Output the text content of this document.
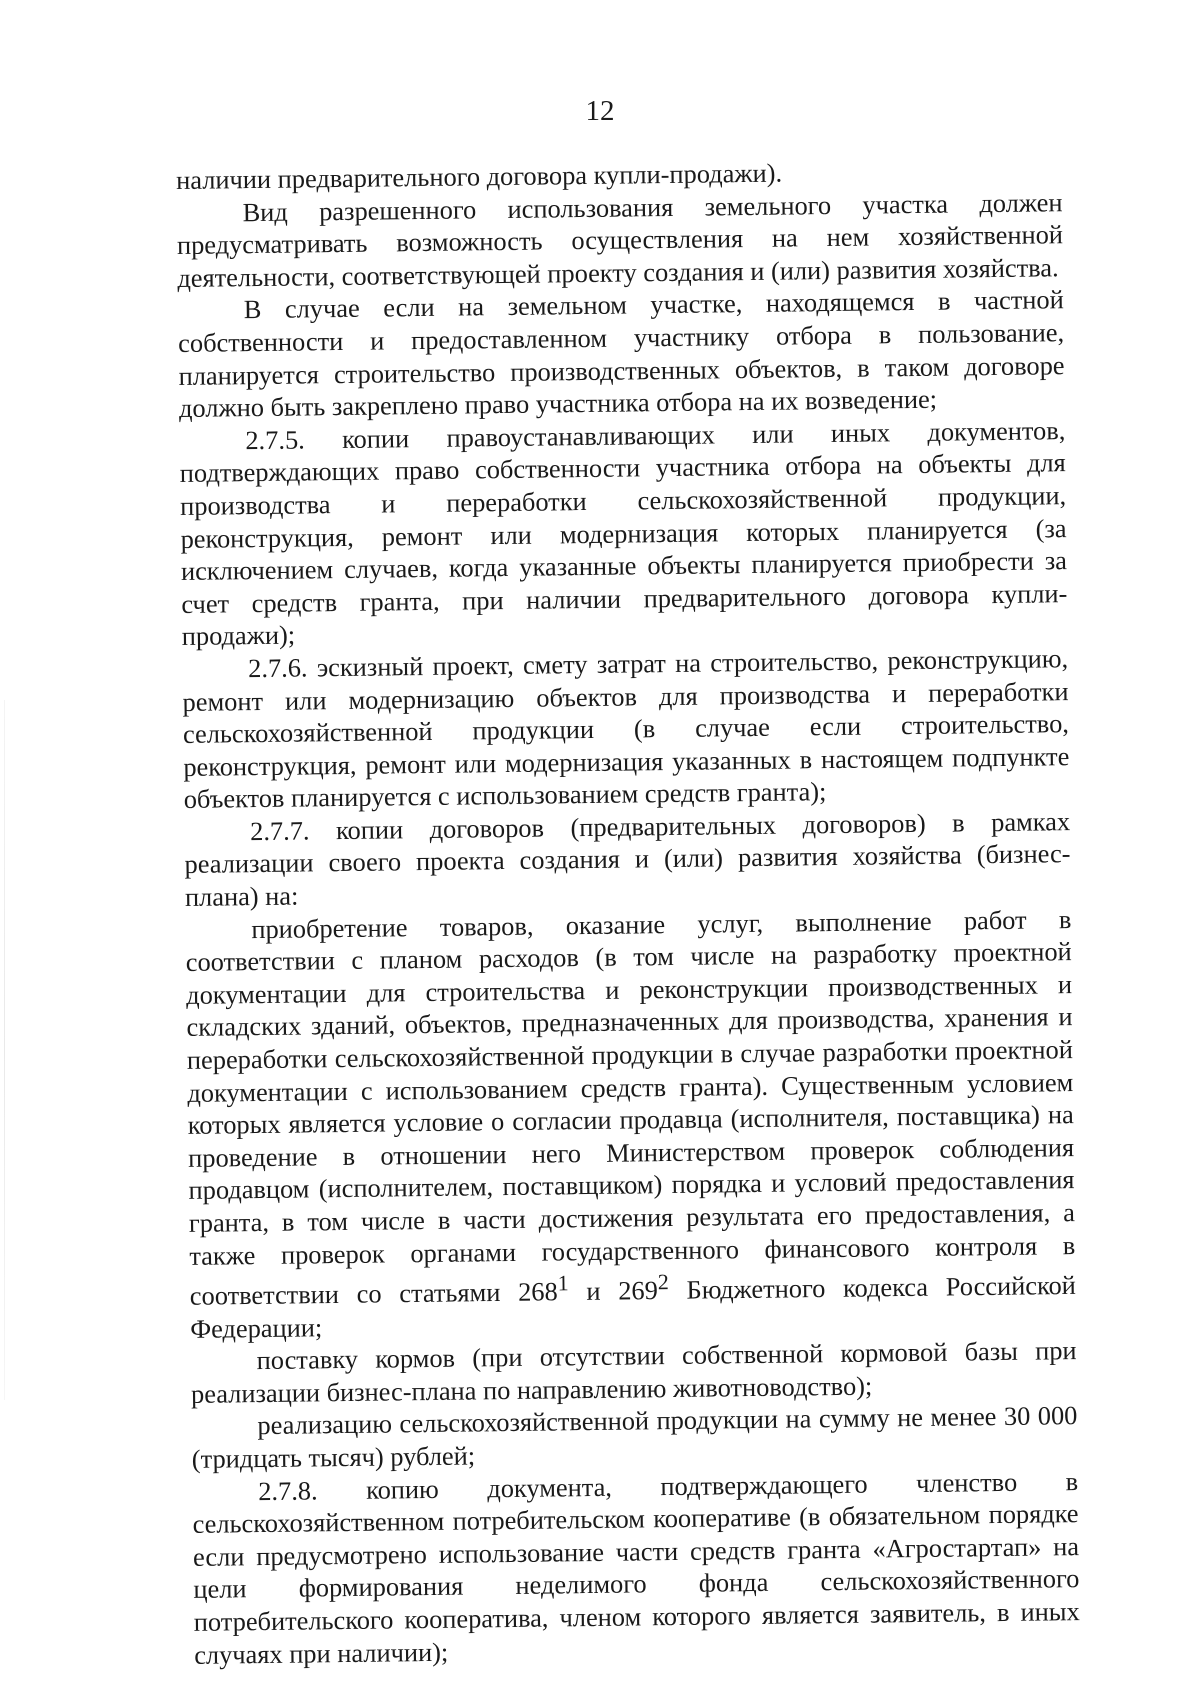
12

наличии предварительного договора купли-продажи).

Вид разрешенного использования земельного участка должен предусматривать возможность осуществления на нем хозяйственной деятельности, соответствующей проекту создания и (или) развития хозяйства.

В случае если на земельном участке, находящемся в частной собственности и предоставленном участнику отбора в пользование, планируется строительство производственных объектов, в таком договоре должно быть закреплено право участника отбора на их возведение;

2.7.5. копии правоустанавливающих или иных документов, подтверждающих право собственности участника отбора на объекты для производства и переработки сельскохозяйственной продукции, реконструкция, ремонт или модернизация которых планируется (за исключением случаев, когда указанные объекты планируется приобрести за счет средств гранта, при наличии предварительного договора купли-продажи);

2.7.6. эскизный проект, смету затрат на строительство, реконструкцию, ремонт или модернизацию объектов для производства и переработки сельскохозяйственной продукции (в случае если строительство, реконструкция, ремонт или модернизация указанных в настоящем подпункте объектов планируется с использованием средств гранта);

2.7.7. копии договоров (предварительных договоров) в рамках реализации своего проекта создания и (или) развития хозяйства (бизнес-плана) на:

приобретение товаров, оказание услуг, выполнение работ в соответствии с планом расходов (в том числе на разработку проектной документации для строительства и реконструкции производственных и складских зданий, объектов, предназначенных для производства, хранения и переработки сельскохозяйственной продукции в случае разработки проектной документации с использованием средств гранта). Существенным условием которых является условие о согласии продавца (исполнителя, поставщика) на проведение в отношении него Министерством проверок соблюдения продавцом (исполнителем, поставщиком) порядка и условий предоставления гранта, в том числе в части достижения результата его предоставления, а также проверок органами государственного финансового контроля в соответствии со статьями $268^1$ и $269^2$ Бюджетного кодекса Российской Федерации;

поставку кормов (при отсутствии собственной кормовой базы при реализации бизнес-плана по направлению животноводство);

реализацию сельскохозяйственной продукции на сумму не менее 30 000 (тридцать тысяч) рублей;

2.7.8. копию документа, подтверждающего членство в сельскохозяйственном потребительском кооперативе (в обязательном порядке если предусмотрено использование части средств гранта «Агростартап» на цели формирования неделимого фонда сельскохозяйственного потребительского кооператива, членом которого является заявитель, в иных случаях при наличии);
